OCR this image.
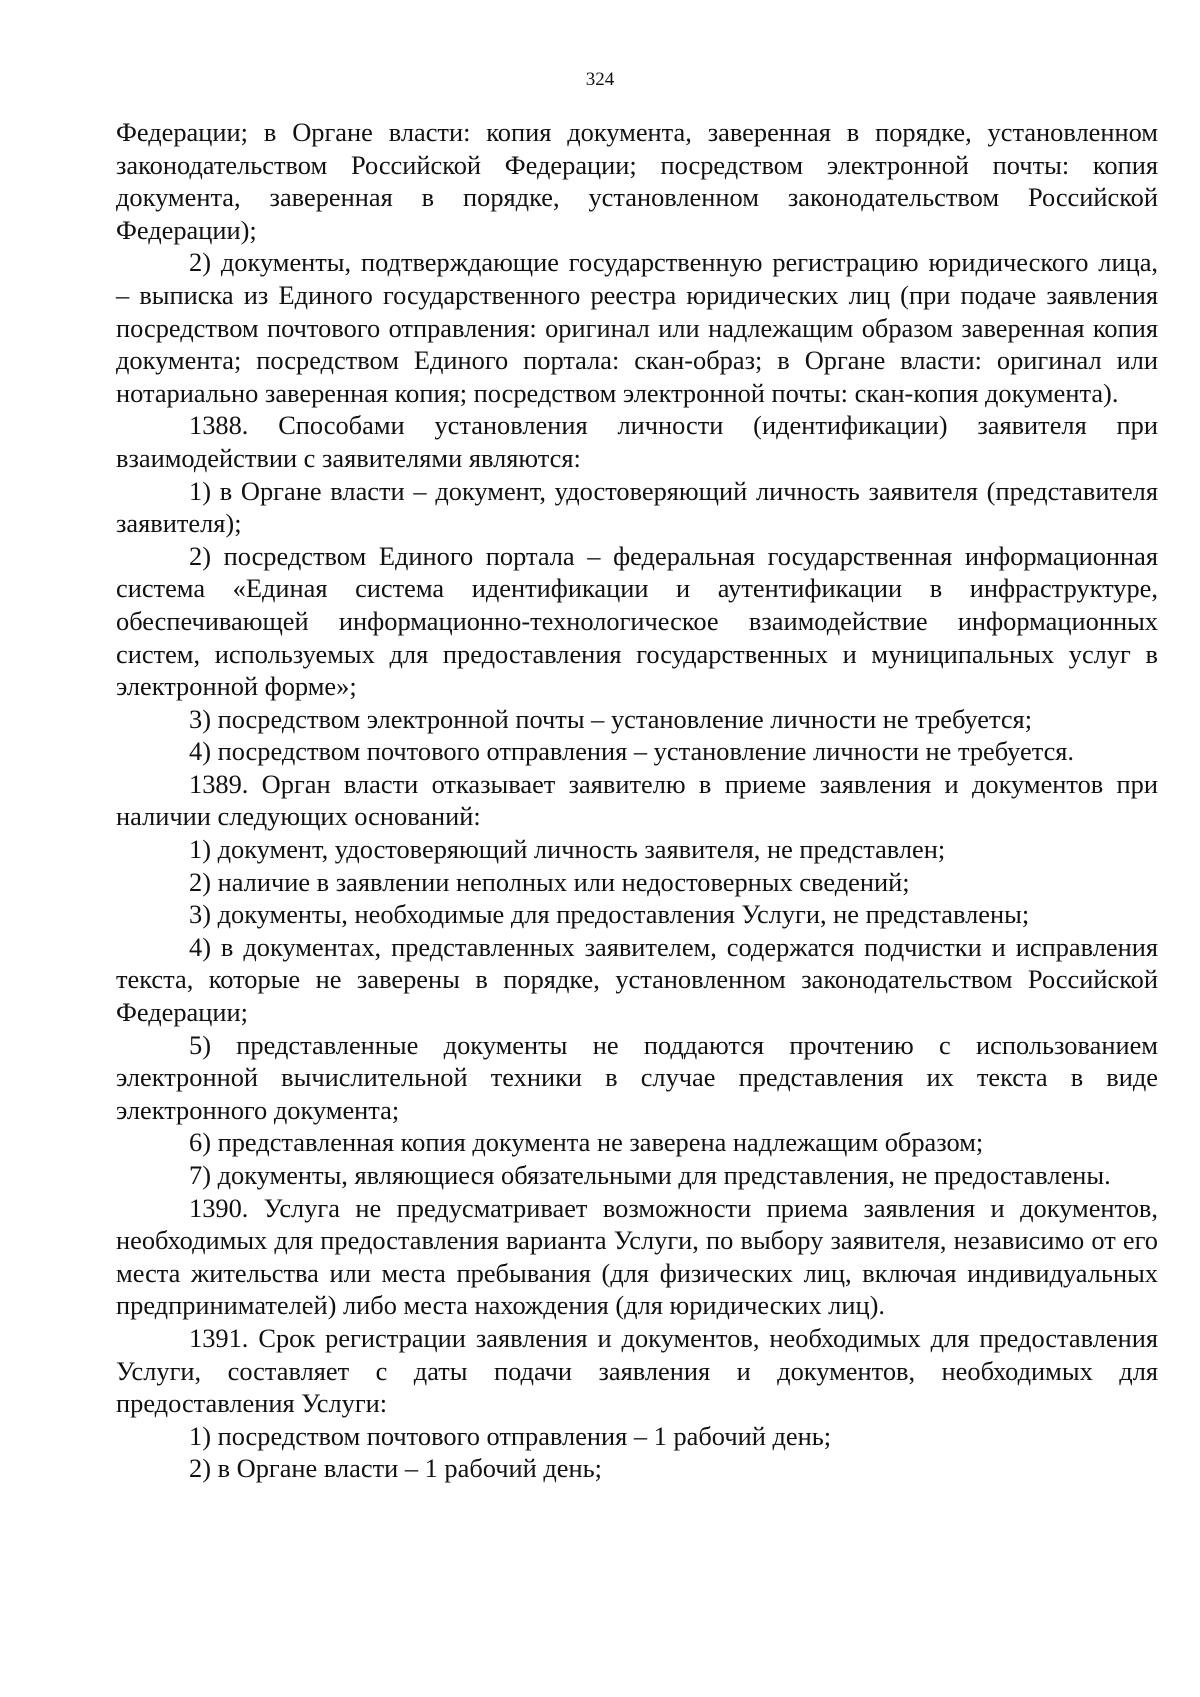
324

Федерации; в Органе власти: копия документа, заверенная в порядке, установленном законодательством Российской Федерации; посредством электронной почты: копия документа, заверенная в порядке, установленном законодательством Российской Федерации);

2) документы, подтверждающие государственную регистрацию юридического лица, – выписка из Единого государственного реестра юридических лиц (при подаче заявления посредством почтового отправления: оригинал или надлежащим образом заверенная копия документа; посредством Единого портала: скан-образ; в Органе власти: оригинал или нотариально заверенная копия; посредством электронной почты: скан-копия документа).

1388. Способами установления личности (идентификации) заявителя при взаимодействии с заявителями являются:

1) в Органе власти – документ, удостоверяющий личность заявителя (представителя заявителя);

2) посредством Единого портала – федеральная государственная информационная система «Единая система идентификации и аутентификации в инфраструктуре, обеспечивающей информационно-технологическое взаимодействие информационных систем, используемых для предоставления государственных и муниципальных услуг в электронной форме»;

3) посредством электронной почты – установление личности не требуется;

4) посредством почтового отправления – установление личности не требуется.

1389. Орган власти отказывает заявителю в приеме заявления и документов при наличии следующих оснований:

1) документ, удостоверяющий личность заявителя, не представлен;

2) наличие в заявлении неполных или недостоверных сведений;

3) документы, необходимые для предоставления Услуги, не представлены;

4) в документах, представленных заявителем, содержатся подчистки и исправления текста, которые не заверены в порядке, установленном законодательством Российской Федерации;

5) представленные документы не поддаются прочтению с использованием электронной вычислительной техники в случае представления их текста в виде электронного документа;

6) представленная копия документа не заверена надлежащим образом;

7) документы, являющиеся обязательными для представления, не предоставлены.

1390. Услуга не предусматривает возможности приема заявления и документов, необходимых для предоставления варианта Услуги, по выбору заявителя, независимо от его места жительства или места пребывания (для физических лиц, включая индивидуальных предпринимателей) либо места нахождения (для юридических лиц).

1391. Срок регистрации заявления и документов, необходимых для предоставления Услуги, составляет с даты подачи заявления и документов, необходимых для предоставления Услуги:

1) посредством почтового отправления – 1 рабочий день;

2) в Органе власти – 1 рабочий день;
